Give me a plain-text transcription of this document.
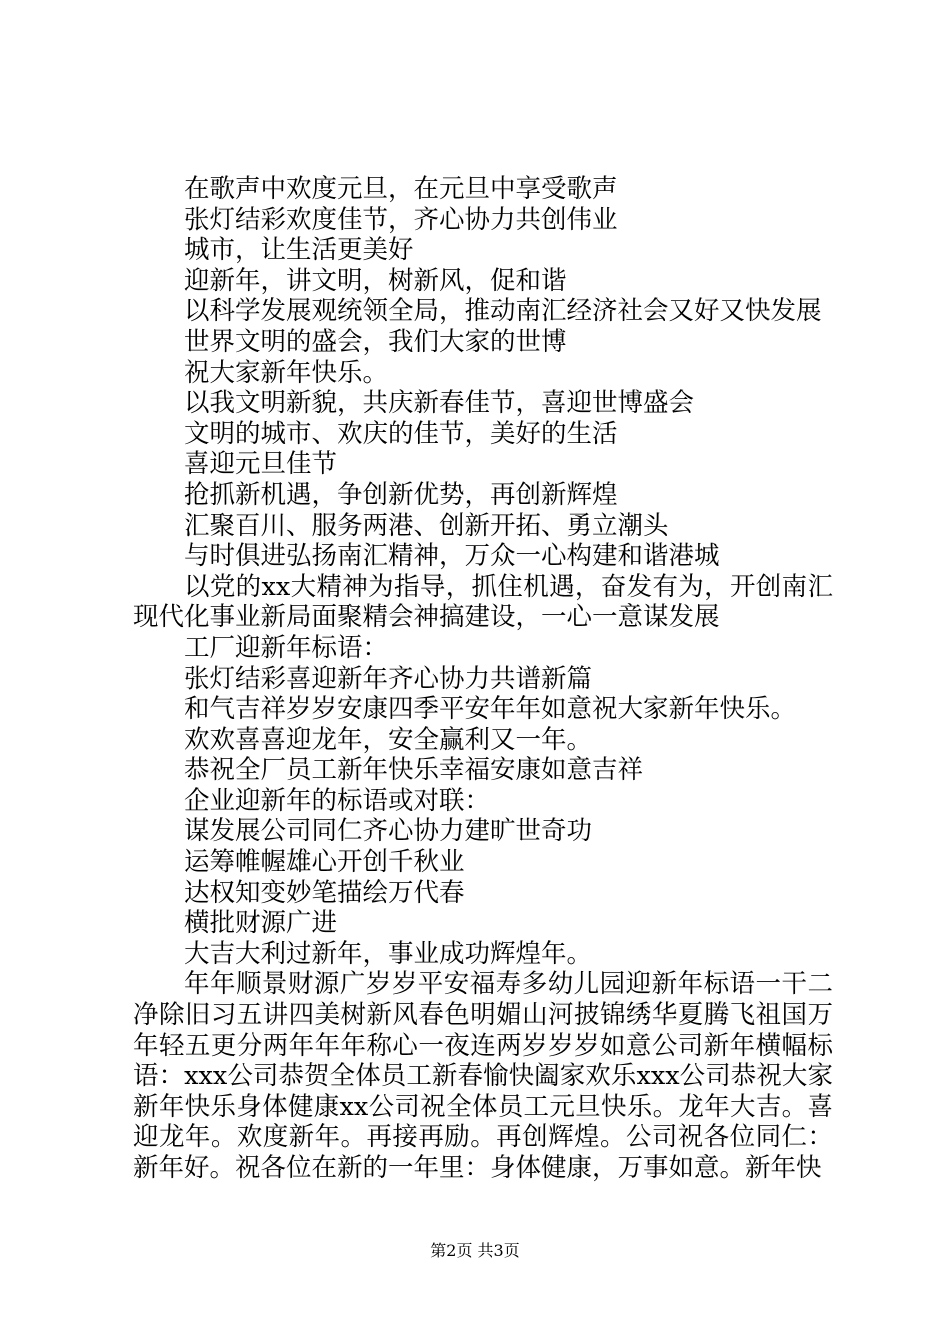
在歌声中欢度元旦，在元旦中享受歌声

张灯结彩欢度佳节，齐心协力共创伟业

城市，让生活更美好

迎新年，讲文明，树新风，促和谐

以科学发展观统领全局，推动南汇经济社会又好又快发展

世界文明的盛会，我们大家的世博

祝大家新年快乐。

以我文明新貌，共庆新春佳节，喜迎世博盛会

文明的城市、欢庆的佳节，美好的生活

喜迎元旦佳节

抢抓新机遇，争创新优势，再创新辉煌

汇聚百川、服务两港、创新开拓、勇立潮头

与时俱进弘扬南汇精神，万众一心构建和谐港城

以党的xx大精神为指导，抓住机遇，奋发有为，开创南汇现代化事业新局面聚精会神搞建设，一心一意谋发展

工厂迎新年标语：

张灯结彩喜迎新年齐心协力共谱新篇

和气吉祥岁岁安康四季平安年年如意祝大家新年快乐。

欢欢喜喜迎龙年，安全赢利又一年。

恭祝全厂员工新年快乐幸福安康如意吉祥

企业迎新年的标语或对联：

谋发展公司同仁齐心协力建旷世奇功

运筹帷幄雄心开创千秋业

达权知变妙笔描绘万代春

横批财源广进

大吉大利过新年，事业成功辉煌年。

年年顺景财源广岁岁平安福寿多幼儿园迎新年标语一干二净除旧习五讲四美树新风春色明媚山河披锦绣华夏腾飞祖国万年轻五更分两年年年称心一夜连两岁岁岁如意公司新年横幅标语：xxx公司恭贺全体员工新春愉快阖家欢乐xxx公司恭祝大家新年快乐身体健康xx公司祝全体员工元旦快乐。龙年大吉。喜迎龙年。欢度新年。再接再励。再创辉煌。公司祝各位同仁：新年好。祝各位在新的一年里：身体健康，万事如意。新年快

第2页 共3页
